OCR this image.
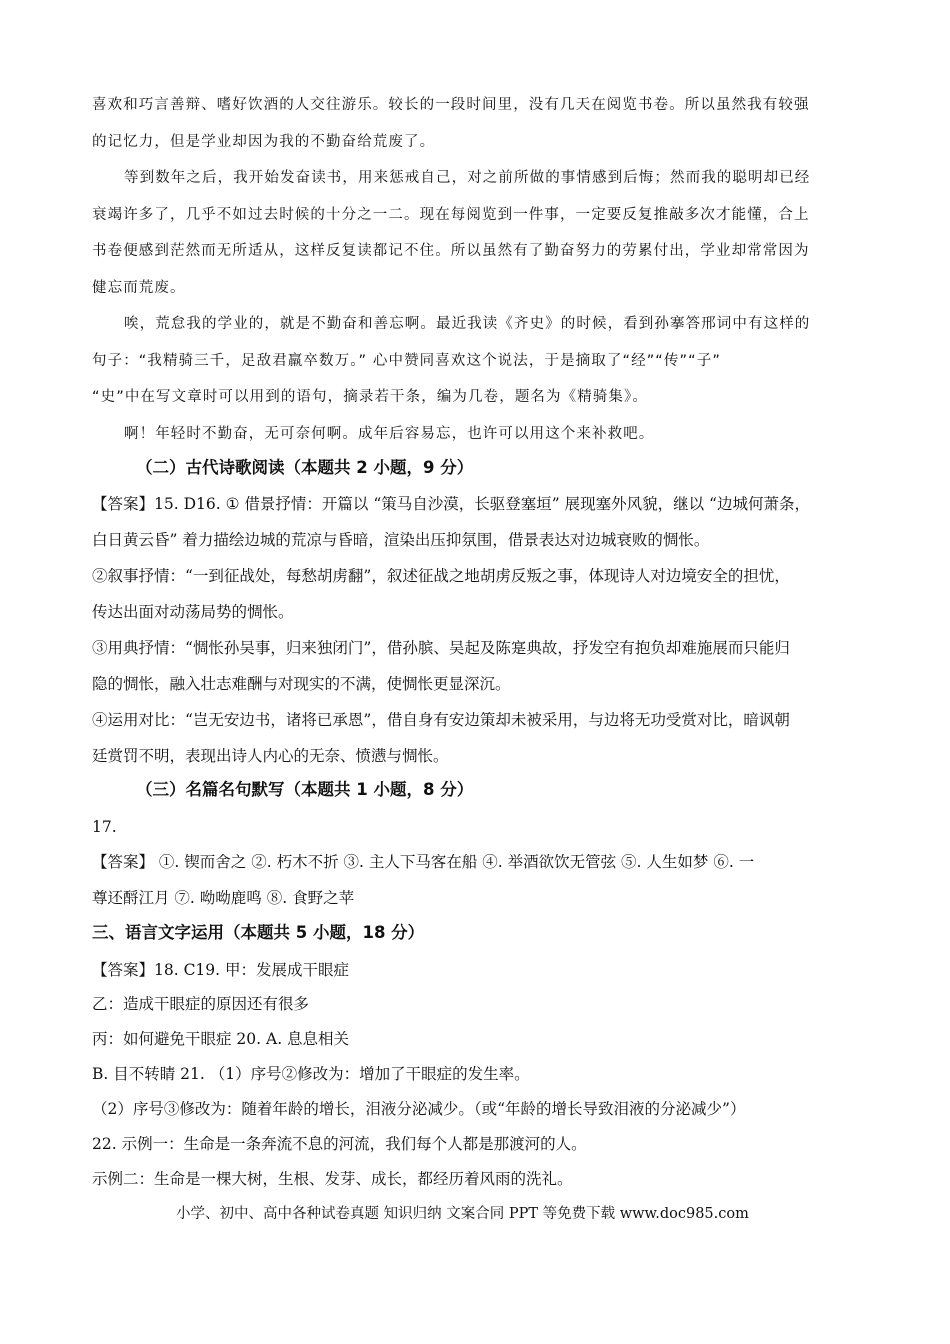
喜欢和巧言善辩、嗜好饮酒的人交往游乐。较长的一段时间里，没有几天在阅览书卷。所以虽然我有较强
的记忆力，但是学业却因为我的不勤奋给荒废了。
等到数年之后，我开始发奋读书，用来惩戒自己，对之前所做的事情感到后悔；然而我的聪明却已经
衰竭许多了，几乎不如过去时候的十分之一二。现在每阅览到一件事，一定要反复推敲多次才能懂，合上
书卷便感到茫然而无所适从，这样反复读都记不住。所以虽然有了勤奋努力的劳累付出，学业却常常因为
健忘而荒废。
唉，荒怠我的学业的，就是不勤奋和善忘啊。最近我读《齐史》的时候，看到孙搴答邢词中有这样的
句子：“我精骑三千，足敌君羸卒数万。” 心中赞同喜欢这个说法，于是摘取了“经”“传”“子”
“史”中在写文章时可以用到的语句，摘录若干条，编为几卷，题名为《精骑集》。
啊！年轻时不勤奋，无可奈何啊。成年后容易忘，也许可以用这个来补救吧。
（二）古代诗歌阅读（本题共 2 小题，9 分）
【答案】15. D16. ① 借景抒情：开篇以 “策马自沙漠，长驱登塞垣” 展现塞外风貌，继以 “边城何萧条，
白日黄云昏” 着力描绘边城的荒凉与昏暗，渲染出压抑氛围，借景表达对边城衰败的惆怅。
②叙事抒情：“一到征战处，每愁胡虏翻”，叙述征战之地胡虏反叛之事，体现诗人对边境安全的担忧，
传达出面对动荡局势的惆怅。
③用典抒情：“惆怅孙吴事，归来独闭门”，借孙膑、吴起及陈寔典故，抒发空有抱负却难施展而只能归
隐的惆怅，融入壮志难酬与对现实的不满，使惆怅更显深沉。
④运用对比：“岂无安边书，诸将已承恩”，借自身有安边策却未被采用，与边将无功受赏对比，暗讽朝
廷赏罚不明，表现出诗人内心的无奈、愤懑与惆怅。
（三）名篇名句默写（本题共 1 小题，8 分）
17.
【答案】 ①. 锲而舍之 ②. 朽木不折 ③. 主人下马客在船 ④. 举酒欲饮无管弦 ⑤. 人生如梦 ⑥. 一
尊还酹江月 ⑦. 呦呦鹿鸣 ⑧. 食野之苹
三、语言文字运用（本题共 5 小题，18 分）
【答案】18. C19. 甲：发展成干眼症
乙：造成干眼症的原因还有很多
丙：如何避免干眼症 20. A. 息息相关
B. 目不转睛 21. （1）序号②修改为：增加了干眼症的发生率。
（2）序号③修改为：随着年龄的增长，泪液分泌减少。（或“年龄的增长导致泪液的分泌减少”）
22. 示例一：生命是一条奔流不息的河流，我们每个人都是那渡河的人。
示例二：生命是一棵大树，生根、发芽、成长，都经历着风雨的洗礼。
小学、初中、高中各种试卷真题 知识归纳 文案合同 PPT 等免费下载 www.doc985.com
